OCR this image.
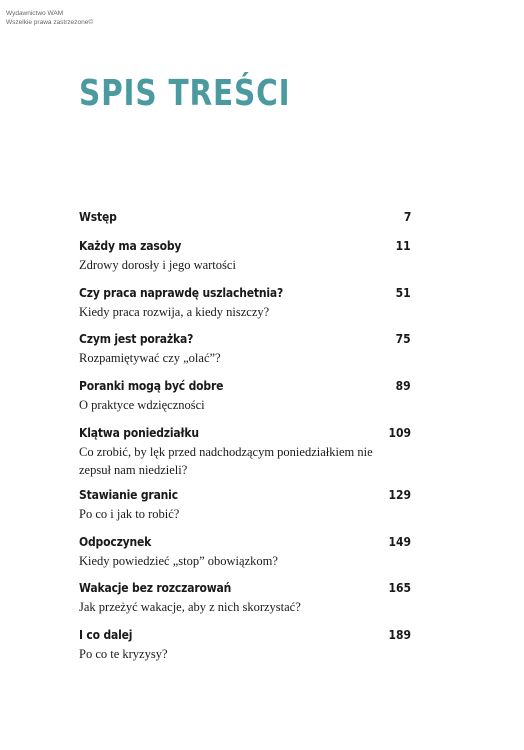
Wydawnictwo WAM
Wszelkie prawa zastrzeżone©
SPIS TREŚCI
Wstęp	7
Każdy ma zasoby	11
Zdrowy dorosły i jego wartości
Czy praca naprawdę uszlachetnia?	51
Kiedy praca rozwija, a kiedy niszczy?
Czym jest porażka?	75
Rozpamiętywać czy „olać”?
Poranki mogą być dobre	89
O praktyce wdzięczności
Klątwa poniedziałku	109
Co zrobić, by lęk przed nadchodzącym poniedziałkiem nie zepsuł nam niedzieli?
Stawianie granic	129
Po co i jak to robić?
Odpoczynek	149
Kiedy powiedzieć „stop” obowiązkom?
Wakacje bez rozczarowań	165
Jak przeżyć wakacje, aby z nich skorzystać?
I co dalej	189
Po co te kryzysy?
